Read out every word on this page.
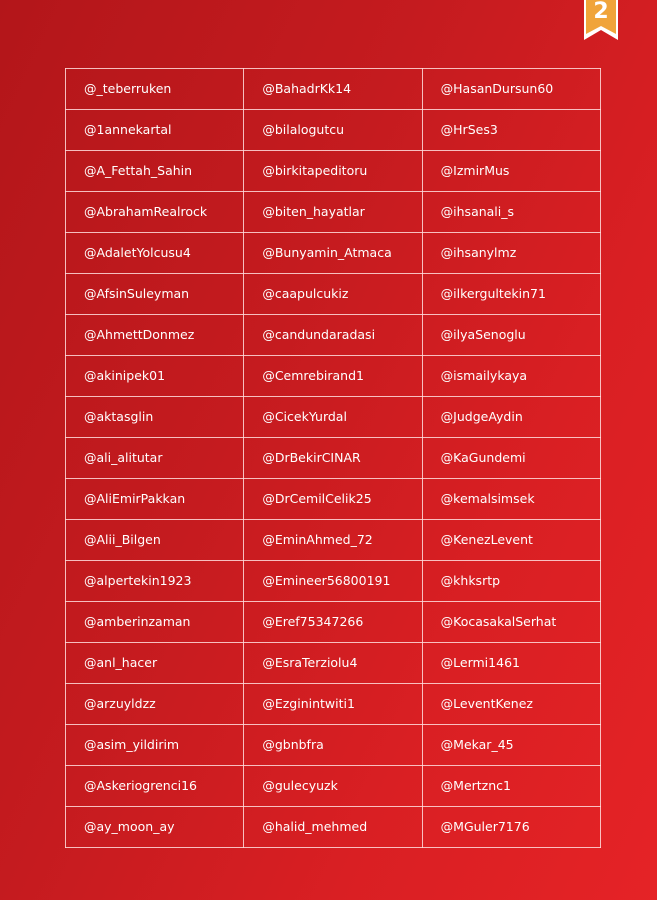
2
@_teberruken	@BahadrKk14	@HasanDursun60
@1annekartal	@bilalogutcu	@HrSes3
@A_Fettah_Sahin	@birkitapeditoru	@IzmirMus
@AbrahamRealrock	@biten_hayatlar	@ihsanali_s
@AdaletYolcusu4	@Bunyamin_Atmaca	@ihsanylmz
@AfsinSuleyman	@caapulcukiz	@ilkergultekin71
@AhmettDonmez	@candundaradasi	@ilyaSenoglu
@akinipek01	@Cemrebirand1	@ismailykaya
@aktasglin	@CicekYurdal	@JudgeAydin
@ali_alitutar	@DrBekirCINAR	@KaGundemi
@AliEmirPakkan	@DrCemilCelik25	@kemalsimsek
@Alii_Bilgen	@EminAhmed_72	@KenezLevent
@alpertekin1923	@Emineer56800191	@khksrtp
@amberinzaman	@Eref75347266	@KocasakalSerhat
@anl_hacer	@EsraTerziolu4	@Lermi1461
@arzuyldzz	@Ezginintwiti1	@LeventKenez
@asim_yildirim	@gbnbfra	@Mekar_45
@Askeriogrenci16	@gulecyuzk	@Mertznc1
@ay_moon_ay	@halid_mehmed	@MGuler7176
